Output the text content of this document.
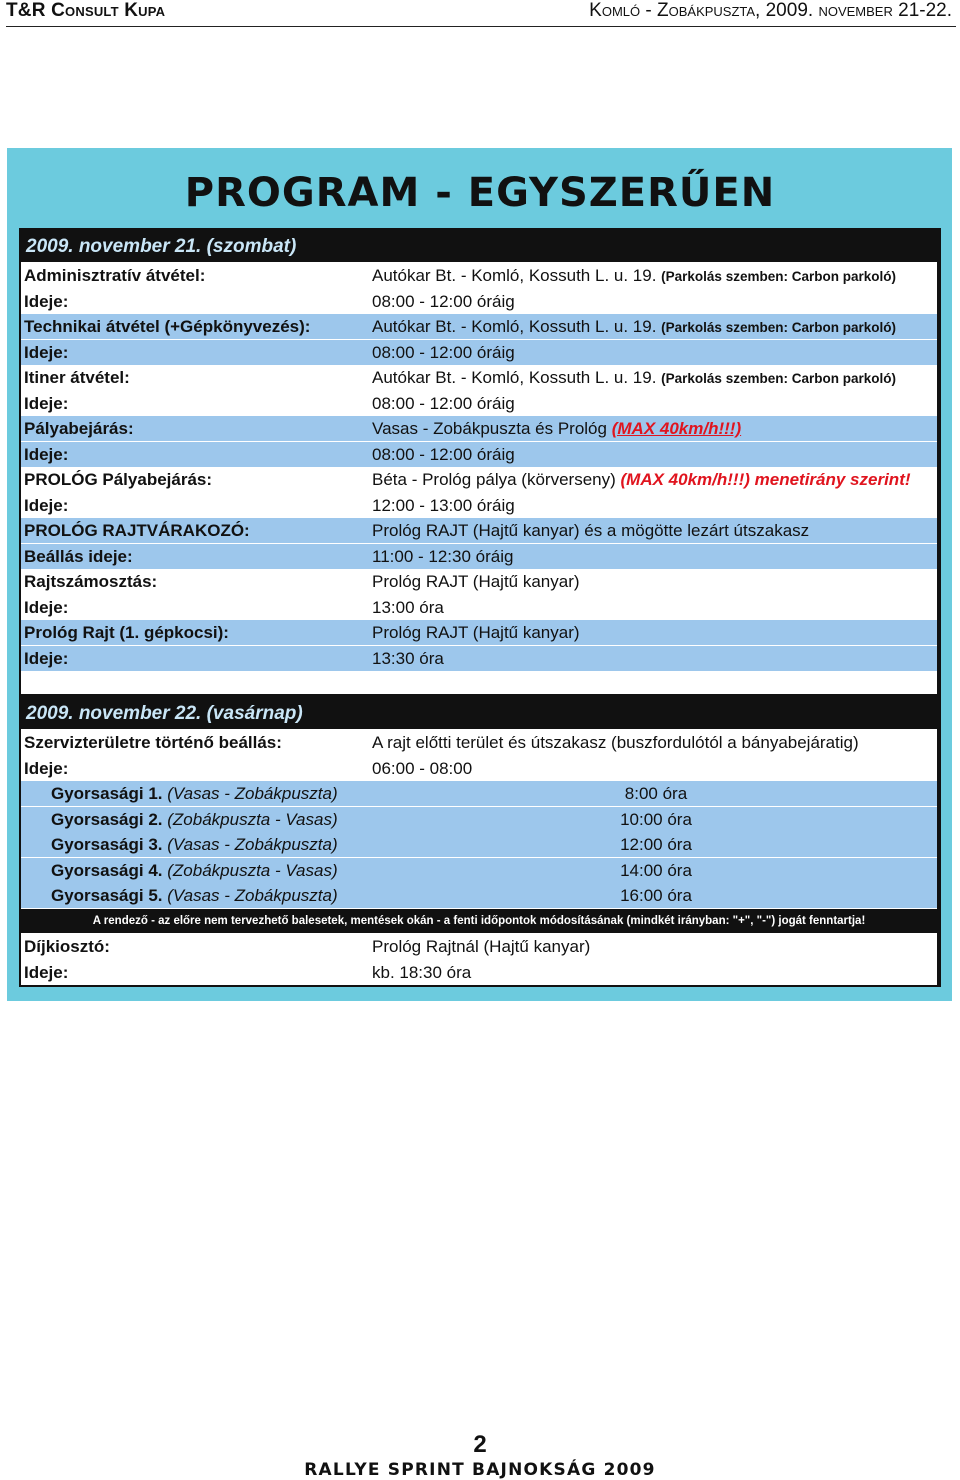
T&R Consult Kupa	Komló - Zobákpuszta, 2009. november 21-22.
PROGRAM - EGYSZERŰEN
2009. november 21. (szombat)
Adminisztratív átvétel:	Autókar Bt. - Komló, Kossuth L. u. 19. (Parkolás szemben: Carbon parkoló)
Ideje:	08:00 - 12:00 óráig
Technikai átvétel (+Gépkönyvezés):	Autókar Bt. - Komló, Kossuth L. u. 19. (Parkolás szemben: Carbon parkoló)
Ideje:	08:00 - 12:00 óráig
Itiner átvétel:	Autókar Bt. - Komló, Kossuth L. u. 19. (Parkolás szemben: Carbon parkoló)
Ideje:	08:00 - 12:00 óráig
Pályabejárás:	Vasas - Zobákpuszta és Prológ (MAX 40km/h!!!)
Ideje:	08:00 - 12:00 óráig
PROLÓG Pályabejárás:	Béta - Prológ pálya (körverseny) (MAX 40km/h!!!) menetirány szerint!
Ideje:	12:00 - 13:00 óráig
PROLÓG RAJTVÁRAKOZÓ:	Prológ RAJT (Hajtű kanyar) és a mögötte lezárt útszakasz
Beállás ideje:	11:00 - 12:30 óráig
Rajtszámosztás:	Prológ RAJT (Hajtű kanyar)
Ideje:	13:00 óra
Prológ Rajt (1. gépkocsi):	Prológ RAJT (Hajtű kanyar)
Ideje:	13:30 óra
2009. november 22. (vasárnap)
Szervizterületre történő beállás:	A rajt előtti terület és útszakasz (buszfordulótól a bányabejáratig)
Ideje:	06:00 - 08:00
Gyorsasági 1. (Vasas - Zobákpuszta)	8:00 óra
Gyorsasági 2. (Zobákpuszta - Vasas)	10:00 óra
Gyorsasági 3. (Vasas - Zobákpuszta)	12:00 óra
Gyorsasági 4. (Zobákpuszta - Vasas)	14:00 óra
Gyorsasági 5. (Vasas - Zobákpuszta)	16:00 óra
A rendező - az előre nem tervezhető balesetek, mentések okán - a fenti időpontok módosításának (mindkét irányban: "+", "-") jogát fenntartja!
Díjkiosztó:	Prológ Rajtnál (Hajtű kanyar)
Ideje:	kb. 18:30 óra
2
RALLYE SPRINT BAJNOKSÁG 2009
